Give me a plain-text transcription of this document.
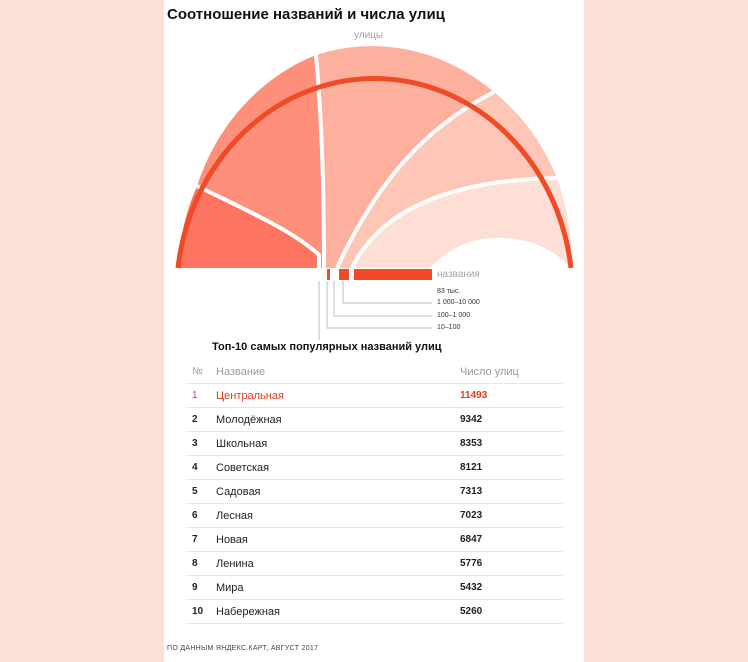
Соотношение названий и числа улиц
улицы
названия
83 тыс.
1 000–10 000
100–1 000
10–100
Топ-10 самых популярных названий улиц
№	Название	Число улиц
1	Центральная	11493
2	Молодёжная	9342
3	Школьная	8353
4	Советская	8121
5	Садовая	7313
6	Лесная	7023
7	Новая	6847
8	Ленина	5776
9	Мира	5432
10	Набережная	5260
ПО ДАННЫМ ЯНДЕКС.КАРТ, АВГУСТ 2017
